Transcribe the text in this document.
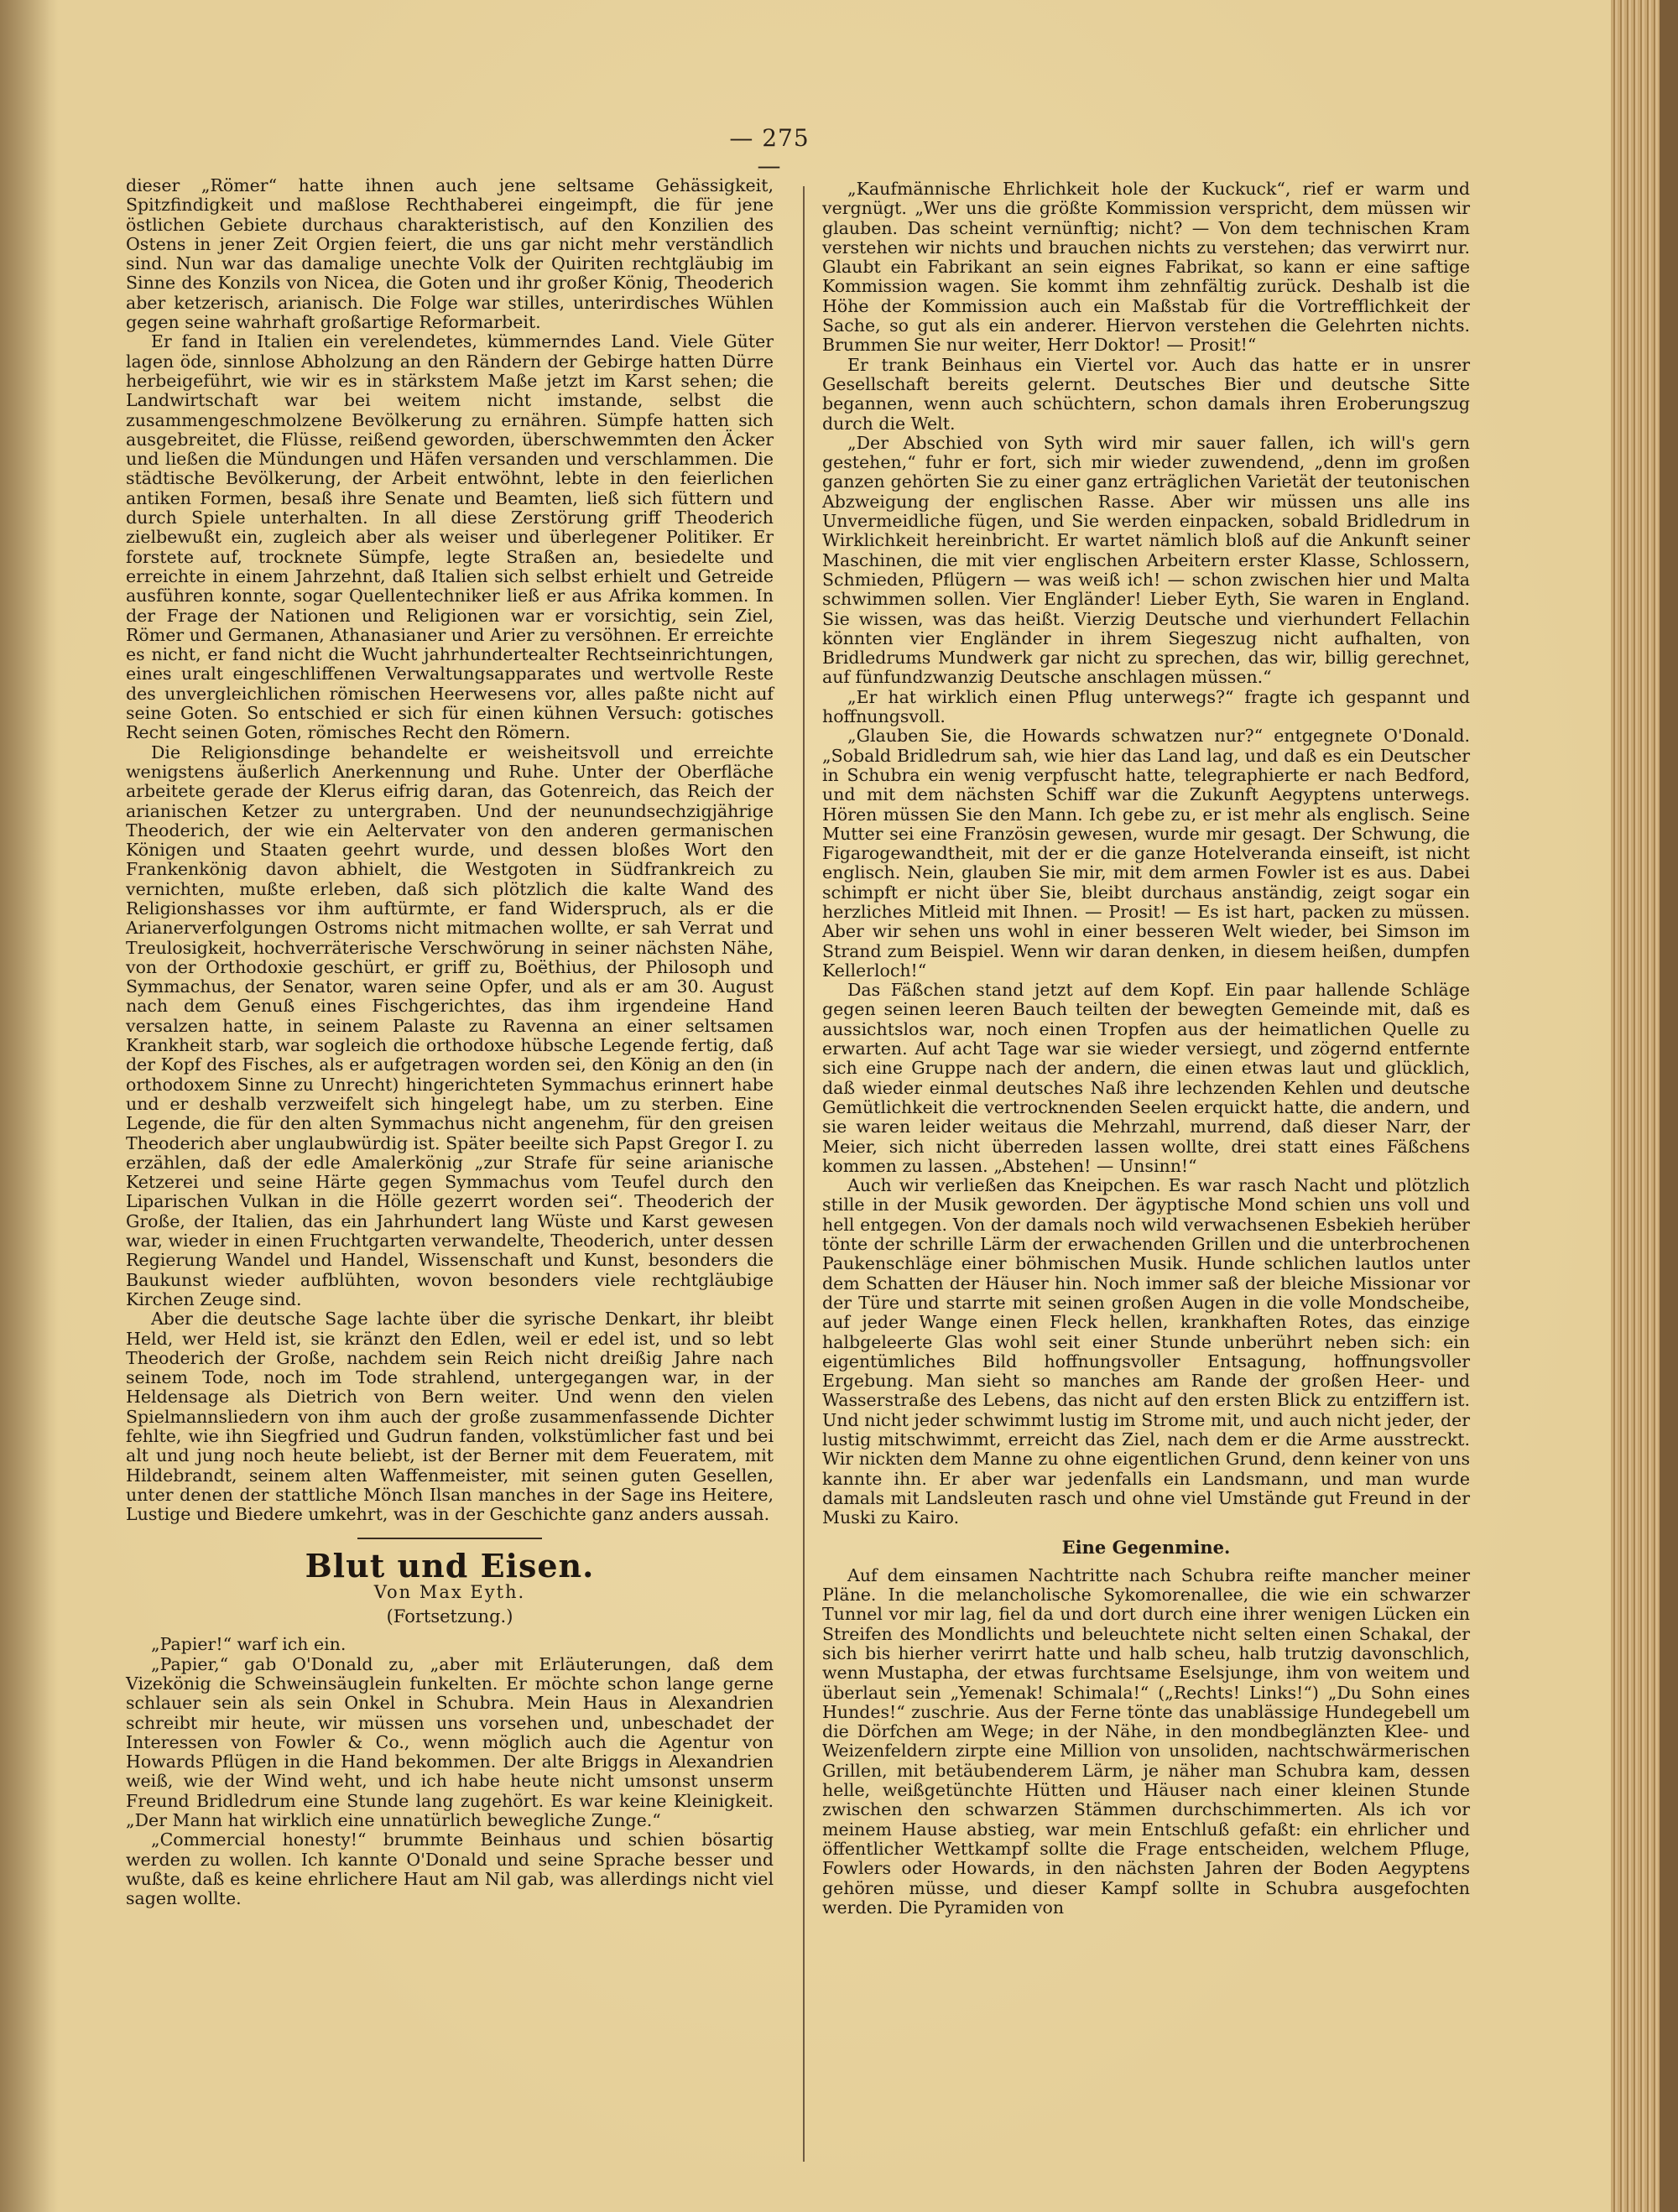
— 275 —

dieser „Römer“ hatte ihnen auch jene seltsame Gehässigkeit, Spitzfindigkeit und maßlose Rechthaberei eingeimpft, die für jene östlichen Gebiete durchaus charakteristisch, auf den Konzilien des Ostens in jener Zeit Orgien feiert, die uns gar nicht mehr verständlich sind. Nun war das damalige unechte Volk der Quiriten rechtgläubig im Sinne des Konzils von Nicea, die Goten und ihr großer König, Theoderich aber ketzerisch, arianisch. Die Folge war stilles, unterirdisches Wühlen gegen seine wahrhaft großartige Reformarbeit.

Er fand in Italien ein verelendetes, kümmerndes Land. Viele Güter lagen öde, sinnlose Abholzung an den Rändern der Gebirge hatten Dürre herbeigeführt, wie wir es in stärkstem Maße jetzt im Karst sehen; die Landwirtschaft war bei weitem nicht imstande, selbst die zusammengeschmolzene Bevölkerung zu ernähren. Sümpfe hatten sich ausgebreitet, die Flüsse, reißend geworden, überschwemmten den Äcker und ließen die Mündungen und Häfen versanden und verschlammen. Die städtische Bevölkerung, der Arbeit entwöhnt, lebte in den feierlichen antiken Formen, besaß ihre Senate und Beamten, ließ sich füttern und durch Spiele unterhalten. In all diese Zerstörung griff Theoderich zielbewußt ein, zugleich aber als weiser und überlegener Politiker. Er forstete auf, trocknete Sümpfe, legte Straßen an, besiedelte und erreichte in einem Jahrzehnt, daß Italien sich selbst erhielt und Getreide ausführen konnte, sogar Quellentechniker ließ er aus Afrika kommen. In der Frage der Nationen und Religionen war er vorsichtig, sein Ziel, Römer und Germanen, Athanasianer und Arier zu versöhnen. Er erreichte es nicht, er fand nicht die Wucht jahrhundertealter Rechtseinrichtungen, eines uralt eingeschliffenen Verwaltungsapparates und wertvolle Reste des unvergleichlichen römischen Heerwesens vor, alles paßte nicht auf seine Goten. So entschied er sich für einen kühnen Versuch: gotisches Recht seinen Goten, römisches Recht den Römern.

Die Religionsdinge behandelte er weisheitsvoll und erreichte wenigstens äußerlich Anerkennung und Ruhe. Unter der Oberfläche arbeitete gerade der Klerus eifrig daran, das Gotenreich, das Reich der arianischen Ketzer zu untergraben. Und der neunundsechzigjährige Theoderich, der wie ein Aeltervater von den anderen germanischen Königen und Staaten geehrt wurde, und dessen bloßes Wort den Frankenkönig davon abhielt, die Westgoten in Südfrankreich zu vernichten, mußte erleben, daß sich plötzlich die kalte Wand des Religionshasses vor ihm auftürmte, er fand Widerspruch, als er die Arianerverfolgungen Ostroms nicht mitmachen wollte, er sah Verrat und Treulosigkeit, hochverräterische Verschwörung in seiner nächsten Nähe, von der Orthodoxie geschürt, er griff zu, Boëthius, der Philosoph und Symmachus, der Senator, waren seine Opfer, und als er am 30. August nach dem Genuß eines Fischgerichtes, das ihm irgendeine Hand versalzen hatte, in seinem Palaste zu Ravenna an einer seltsamen Krankheit starb, war sogleich die orthodoxe hübsche Legende fertig, daß der Kopf des Fisches, als er aufgetragen worden sei, den König an den (in orthodoxem Sinne zu Unrecht) hingerichteten Symmachus erinnert habe und er deshalb verzweifelt sich hingelegt habe, um zu sterben. Eine Legende, die für den alten Symmachus nicht angenehm, für den greisen Theoderich aber unglaubwürdig ist. Später beeilte sich Papst Gregor I. zu erzählen, daß der edle Amalerkönig „zur Strafe für seine arianische Ketzerei und seine Härte gegen Symmachus vom Teufel durch den Liparischen Vulkan in die Hölle gezerrt worden sei“. Theoderich der Große, der Italien, das ein Jahrhundert lang Wüste und Karst gewesen war, wieder in einen Fruchtgarten verwandelte, Theoderich, unter dessen Regierung Wandel und Handel, Wissenschaft und Kunst, besonders die Baukunst wieder aufblühten, wovon besonders viele rechtgläubige Kirchen Zeuge sind.

Aber die deutsche Sage lachte über die syrische Denkart, ihr bleibt Held, wer Held ist, sie kränzt den Edlen, weil er edel ist, und so lebt Theoderich der Große, nachdem sein Reich nicht dreißig Jahre nach seinem Tode, noch im Tode strahlend, untergegangen war, in der Heldensage als Dietrich von Bern weiter. Und wenn den vielen Spielmannsliedern von ihm auch der große zusammenfassende Dichter fehlte, wie ihn Siegfried und Gudrun fanden, volkstümlicher fast und bei alt und jung noch heute beliebt, ist der Berner mit dem Feueratem, mit Hildebrandt, seinem alten Waffenmeister, mit seinen guten Gesellen, unter denen der stattliche Mönch Ilsan manches in der Sage ins Heitere, Lustige und Biedere umkehrt, was in der Geschichte ganz anders aussah.

Blut und Eisen.
Von Max Eyth.
(Fortsetzung.)

„Papier!“ warf ich ein.

„Papier,“ gab O'Donald zu, „aber mit Erläuterungen, daß dem Vizekönig die Schweinsäuglein funkelten. Er möchte schon lange gerne schlauer sein als sein Onkel in Schubra. Mein Haus in Alexandrien schreibt mir heute, wir müssen uns vorsehen und, unbeschadet der Interessen von Fowler & Co., wenn möglich auch die Agentur von Howards Pflügen in die Hand bekommen. Der alte Briggs in Alexandrien weiß, wie der Wind weht, und ich habe heute nicht umsonst unserm Freund Bridledrum eine Stunde lang zugehört. Es war keine Kleinigkeit. „Der Mann hat wirklich eine unnatürlich bewegliche Zunge.“

„Commercial honesty!“ brummte Beinhaus und schien bösartig werden zu wollen. Ich kannte O'Donald und seine Sprache besser und wußte, daß es keine ehrlichere Haut am Nil gab, was allerdings nicht viel sagen wollte.

„Kaufmännische Ehrlichkeit hole der Kuckuck“, rief er warm und vergnügt. „Wer uns die größte Kommission verspricht, dem müssen wir glauben. Das scheint vernünftig; nicht? — Von dem technischen Kram verstehen wir nichts und brauchen nichts zu verstehen; das verwirrt nur. Glaubt ein Fabrikant an sein eignes Fabrikat, so kann er eine saftige Kommission wagen. Sie kommt ihm zehnfältig zurück. Deshalb ist die Höhe der Kommission auch ein Maßstab für die Vortrefflichkeit der Sache, so gut als ein anderer. Hiervon verstehen die Gelehrten nichts. Brummen Sie nur weiter, Herr Doktor! — Prosit!“

Er trank Beinhaus ein Viertel vor. Auch das hatte er in unsrer Gesellschaft bereits gelernt. Deutsches Bier und deutsche Sitte begannen, wenn auch schüchtern, schon damals ihren Eroberungszug durch die Welt.

„Der Abschied von Syth wird mir sauer fallen, ich will's gern gestehen,“ fuhr er fort, sich mir wieder zuwendend, „denn im großen ganzen gehörten Sie zu einer ganz erträglichen Varietät der teutonischen Abzweigung der englischen Rasse. Aber wir müssen uns alle ins Unvermeidliche fügen, und Sie werden einpacken, sobald Bridledrum in Wirklichkeit hereinbricht. Er wartet nämlich bloß auf die Ankunft seiner Maschinen, die mit vier englischen Arbeitern erster Klasse, Schlossern, Schmieden, Pflügern — was weiß ich! — schon zwischen hier und Malta schwimmen sollen. Vier Engländer! Lieber Eyth, Sie waren in England. Sie wissen, was das heißt. Vierzig Deutsche und vierhundert Fellachin könnten vier Engländer in ihrem Siegeszug nicht aufhalten, von Bridledrums Mundwerk gar nicht zu sprechen, das wir, billig gerechnet, auf fünfundzwanzig Deutsche anschlagen müssen.“

„Er hat wirklich einen Pflug unterwegs?“ fragte ich gespannt und hoffnungsvoll.

„Glauben Sie, die Howards schwatzen nur?“ entgegnete O'Donald. „Sobald Bridledrum sah, wie hier das Land lag, und daß es ein Deutscher in Schubra ein wenig verpfuscht hatte, telegraphierte er nach Bedford, und mit dem nächsten Schiff war die Zukunft Aegyptens unterwegs. Hören müssen Sie den Mann. Ich gebe zu, er ist mehr als englisch. Seine Mutter sei eine Französin gewesen, wurde mir gesagt. Der Schwung, die Figarogewandtheit, mit der er die ganze Hotelveranda einseift, ist nicht englisch. Nein, glauben Sie mir, mit dem armen Fowler ist es aus. Dabei schimpft er nicht über Sie, bleibt durchaus anständig, zeigt sogar ein herzliches Mitleid mit Ihnen. — Prosit! — Es ist hart, packen zu müssen. Aber wir sehen uns wohl in einer besseren Welt wieder, bei Simson im Strand zum Beispiel. Wenn wir daran denken, in diesem heißen, dumpfen Kellerloch!“

Das Fäßchen stand jetzt auf dem Kopf. Ein paar hallende Schläge gegen seinen leeren Bauch teilten der bewegten Gemeinde mit, daß es aussichtslos war, noch einen Tropfen aus der heimatlichen Quelle zu erwarten. Auf acht Tage war sie wieder versiegt, und zögernd entfernte sich eine Gruppe nach der andern, die einen etwas laut und glücklich, daß wieder einmal deutsches Naß ihre lechzenden Kehlen und deutsche Gemütlichkeit die vertrocknenden Seelen erquickt hatte, die andern, und sie waren leider weitaus die Mehrzahl, murrend, daß dieser Narr, der Meier, sich nicht überreden lassen wollte, drei statt eines Fäßchens kommen zu lassen. „Abstehen! — Unsinn!“

Auch wir verließen das Kneipchen. Es war rasch Nacht und plötzlich stille in der Musik geworden. Der ägyptische Mond schien uns voll und hell entgegen. Von der damals noch wild verwachsenen Esbekieh herüber tönte der schrille Lärm der erwachenden Grillen und die unterbrochenen Paukenschläge einer böhmischen Musik. Hunde schlichen lautlos unter dem Schatten der Häuser hin. Noch immer saß der bleiche Missionar vor der Türe und starrte mit seinen großen Augen in die volle Mondscheibe, auf jeder Wange einen Fleck hellen, krankhaften Rotes, das einzige halbgeleerte Glas wohl seit einer Stunde unberührt neben sich: ein eigentümliches Bild hoffnungsvoller Entsagung, hoffnungsvoller Ergebung. Man sieht so manches am Rande der großen Heer- und Wasserstraße des Lebens, das nicht auf den ersten Blick zu entziffern ist. Und nicht jeder schwimmt lustig im Strome mit, und auch nicht jeder, der lustig mitschwimmt, erreicht das Ziel, nach dem er die Arme ausstreckt. Wir nickten dem Manne zu ohne eigentlichen Grund, denn keiner von uns kannte ihn. Er aber war jedenfalls ein Landsmann, und man wurde damals mit Landsleuten rasch und ohne viel Umstände gut Freund in der Muski zu Kairo.

Eine Gegenmine.

Auf dem einsamen Nachtritte nach Schubra reifte mancher meiner Pläne. In die melancholische Sykomorenallee, die wie ein schwarzer Tunnel vor mir lag, fiel da und dort durch eine ihrer wenigen Lücken ein Streifen des Mondlichts und beleuchtete nicht selten einen Schakal, der sich bis hierher verirrt hatte und halb scheu, halb trutzig davonschlich, wenn Mustapha, der etwas furchtsame Eselsjunge, ihm von weitem und überlaut sein „Yemenak! Schimala!“ („Rechts! Links!“) „Du Sohn eines Hundes!“ zuschrie. Aus der Ferne tönte das unablässige Hundegebell um die Dörfchen am Wege; in der Nähe, in den mondbeglänzten Klee- und Weizenfeldern zirpte eine Million von unsoliden, nachtschwärmerischen Grillen, mit betäubenderem Lärm, je näher man Schubra kam, dessen helle, weißgetünchte Hütten und Häuser nach einer kleinen Stunde zwischen den schwarzen Stämmen durchschimmerten. Als ich vor meinem Hause abstieg, war mein Entschluß gefaßt: ein ehrlicher und öffentlicher Wettkampf sollte die Frage entscheiden, welchem Pfluge, Fowlers oder Howards, in den nächsten Jahren der Boden Aegyptens gehören müsse, und dieser Kampf sollte in Schubra ausgefochten werden. Die Pyramiden von
